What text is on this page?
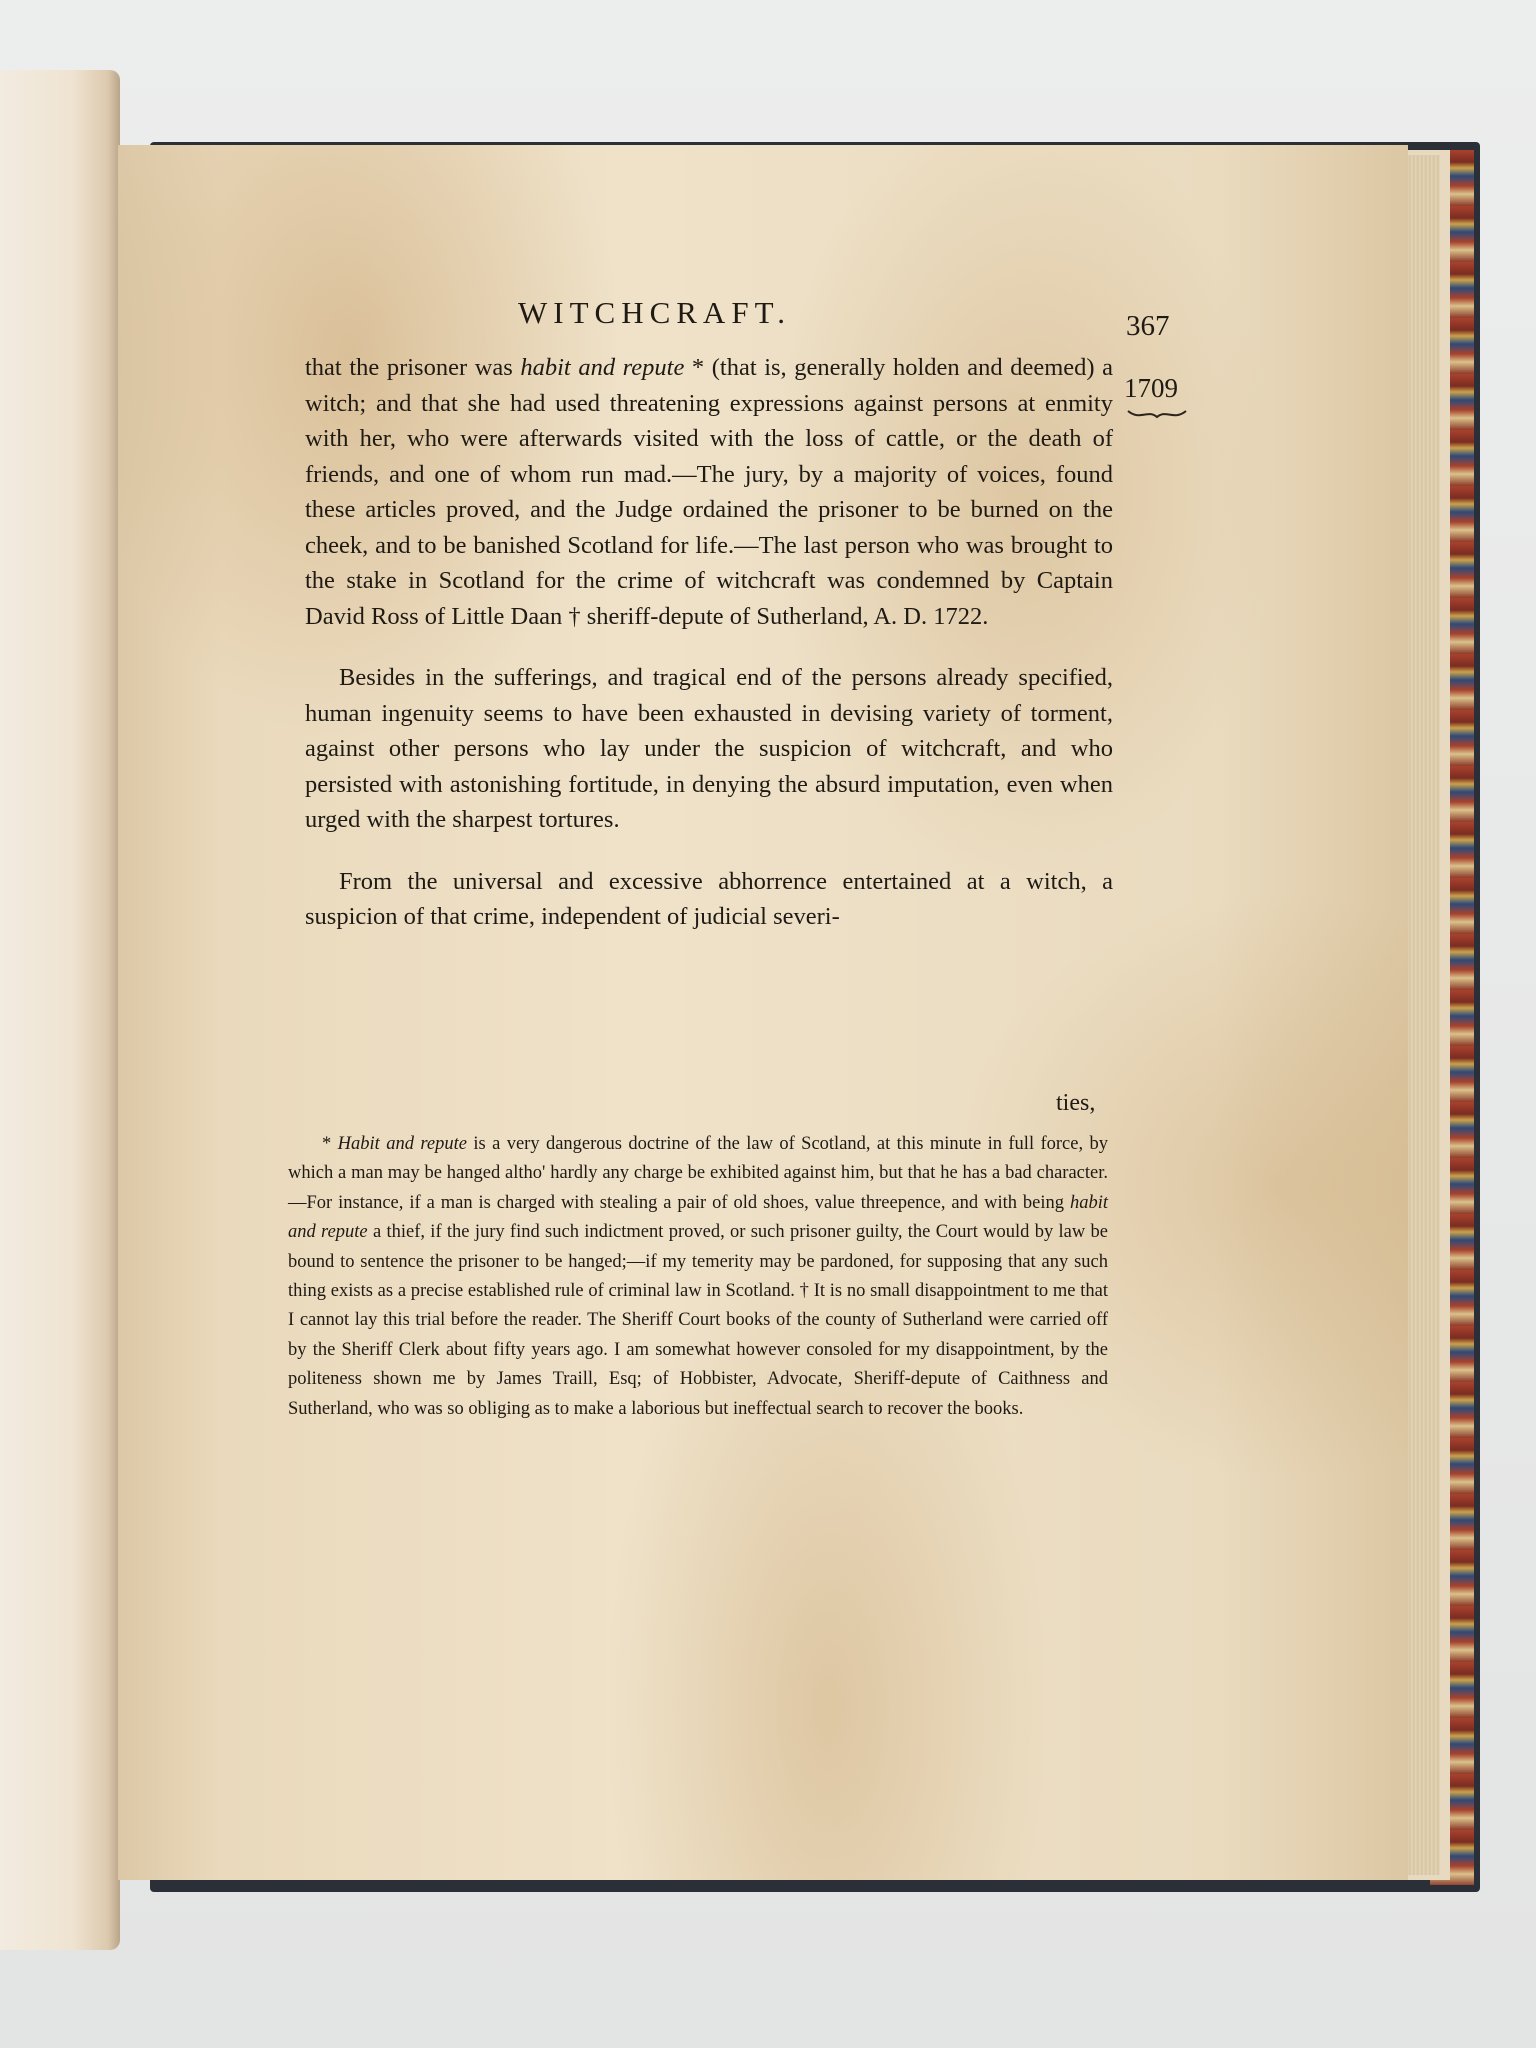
WITCHCRAFT.	367
1709

that the prisoner was habit and repute * (that is, generally holden and deemed) a witch; and that she had used threatening expressions against persons at enmity with her, who were afterwards visited with the loss of cattle, or the death of friends, and one of whom run mad.—The jury, by a majority of voices, found these articles proved, and the Judge ordained the prisoner to be burned on the cheek, and to be banished Scotland for life.—The last person who was brought to the stake in Scotland for the crime of witchcraft was condemned by Captain David Ross of Little Daan † sheriff-depute of Sutherland, A. D. 1722.

Besides in the sufferings, and tragical end of the persons already specified, human ingenuity seems to have been exhausted in devising variety of torment, against other persons who lay under the suspicion of witchcraft, and who persisted with astonishing fortitude, in denying the absurd imputation, even when urged with the sharpest tortures.

From the universal and excessive abhorrence entertained at a witch, a suspicion of that crime, independent of judicial severi-

ties,

* Habit and repute is a very dangerous doctrine of the law of Scotland, at this minute in full force, by which a man may be hanged altho' hardly any charge be exhibited against him, but that he has a bad character.—For instance, if a man is charged with stealing a pair of old shoes, value threepence, and with being habit and repute a thief, if the jury find such indictment proved, or such prisoner guilty, the Court would by law be bound to sentence the prisoner to be hanged;—if my temerity may be pardoned, for supposing that any such thing exists as a precise established rule of criminal law in Scotland. † It is no small disappointment to me that I cannot lay this trial before the reader. The Sheriff Court books of the county of Sutherland were carried off by the Sheriff Clerk about fifty years ago. I am somewhat however consoled for my disappointment, by the politeness shown me by James Traill, Esq; of Hobbister, Advocate, Sheriff-depute of Caithness and Sutherland, who was so obliging as to make a laborious but ineffectual search to recover the books.
